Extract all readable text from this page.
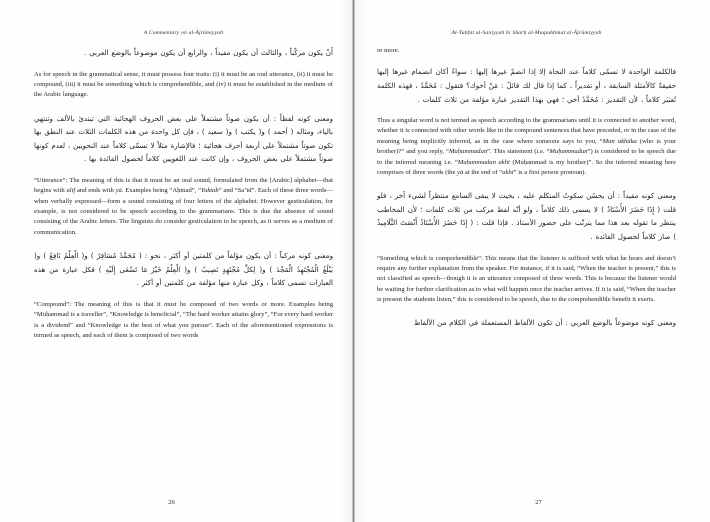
A Commentary on al-Ājrūmiyyah

أَنْ يكون مركّباً ، والثالث أن يكون مفيداً ، والرابع أن يكون موضوعاً بالوضع العربي .

As for speech in the grammatical sense, it must possess four traits: (i) it must be an oral utterance, (ii) it must be compound, (iii) it must be something which is comprehendible, and (iv) it must be established in the medium of the Arabic language.

ومعنى كونه لفظاً : أن يكون صوتاً مشتملاً على بعض الحروف الهجائية التي تبتدئ بالألف وتنتهي بالياء، ومثاله ( أحمد ) و( يكتب ) و( سعيد ) ، فإن كل واحدة من هذه الكلمات الثلاث عند النطق بها تكون صوتاً مشتملاً على أربعة أحرف هجائية ؛ فالإشارة مثلاً لا تسمّى كلاماً عند النحويين ، لعدم كونها صوتاً مشتملاً على بعض الحروف ، وإن كانت عند اللغويين كلاماً لحصول الفائدة بها .

“Utterance”: The meaning of this is that it must be an oral sound, formulated from the [Arabic] alphabet—that begins with alif and ends with yā. Examples being “Aḥmad”, “Yuktab” and “Saʽīd”. Each of these three words—when verbally expressed—form a sound consisting of four letters of the alphabet. However gesticulation, for example, is not considered to be speech according to the grammarians. This is due the absence of sound consisting of the Arabic letters. The linguists do consider gesticulation to be speech, as it serves as a medium of communication.

ومعنى كونه مركباً : أن يكون مؤلفاً من كلمتين أو أكثر ، نحو : ( مُحَمَّدٌ مُسَافِرٌ ) و( الْعِلْمُ نَافِعٌ ) و( يَبْلُغُ الْمُجْتَهِدُ الْمَجْدَ ) و( لِكلِّ مُجْتَهِدٍ نَصِيبٌ ) و( الْعِلْمُ خَيْرُ مَا تَسْعَى إِلَيْهِ ) فكل عبارة من هذه العبارات تسمى كلاماً ، وكل عبارة منها مؤلفة من كلمتين أو أكثر .

“Compound”: The meaning of this is that it must be composed of two words or more. Examples being “Muḥammad is a traveller”, “Knowledge is beneficial”, “The hard worker attains glory”, “For every hard worker is a dividend” and “Knowledge is the best of what you pursue”. Each of the aforementioned expressions is termed as speech, and each of them is composed of two words

26
Al-Tuḥfat al-Saniyyah bi Sharḥ al-Muqaddimat al-Ājrūmiyyah

or more.

فالكلمة الواحدة لا تسمّى كلاماً عند النحاة إلا إذا انضمّ غيرها إليها : سواءٌ أكان انضمام غيرها إليها حقيقةً كالأمثلة السابقة ، أو تقديراً ، كما إذا قال لك قائلٌ : مَنْ أخوك؟ فتقول : مُحَمَّدٌ ، فهذه الكلمة تُعتبَر كلاماً ، لأن التقدير : مُحَمَّدٌ أخي ؛ فهي بهذا التقدير عبارة مؤلفة من ثلاث كلمات .

Thus a singular word is not termed as speech according to the grammarians until it is connected to another word, whether it is connected with other words like in the compound sentences that have preceded, or in the case of the meaning being implicitly inferred, as in the case where someone says to you, “Man akhūka (who is your brother)?” and you reply, “Muḥammadun”. This statement (i.e. “Muḥammadun”) is considered to be speech due to the inferred meaning i.e. “Muḥammadun akhī (Muḥammad is my brother)”. So the inferred meaning here comprises of three words (the yā at the end of “akhī” is a first person pronoun).

ومعنى كونه مفيداً : أن يحسُن سكوتُ المتكلم عليه ، بحيث لا يبقى السامع منتظراً لشيء آخر ، فلو قلت ( إِذَا حَضَرَ الأُسْتَاذُ ) لا يسمى ذلك كلاماً ، ولو أنّه لفظ مركب من ثلاث كلمات ؛ لأن المخاطب ينتظر ما تقوله بعد هذا مما يترتّب على حضور الأستاذ . فإذا قلت : ( إِذَا حَضَرَ الأُسْتَاذُ أَنْصَتَ التَّلَامِيذُ ) صار كلاماً لحصول الفائدة .

“Something which is comprehendible”: This means that the listener is sufficed with what he hears and doesn’t require any further explanation from the speaker. For instance, if it is said, “When the teacher is present,” this is not classified as speech—though it is an utterance composed of three words. This is because the listener would be waiting for further clarification as to what will happen once the teacher arrives. If it is said, “When the teacher is present the students listen,” this is considered to be speech, due to the comprehendible benefit it exerts.

ومعنى كونه موضوعاً بالوضع العربي : أن تكون الألفاظ المستعملة في الكلام من الألفاظ

27
